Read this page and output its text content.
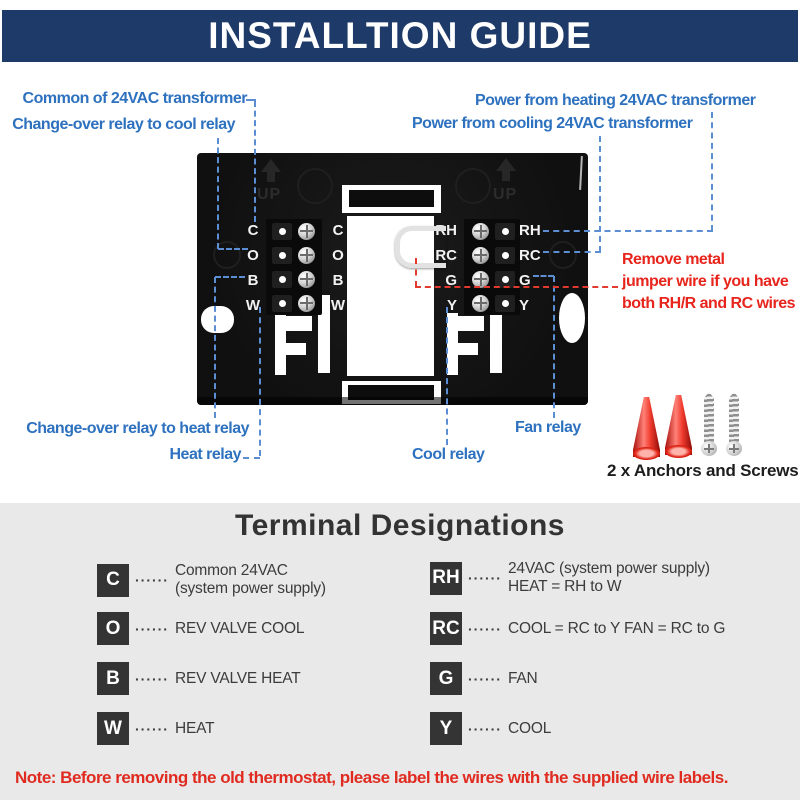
INSTALLTION GUIDE
Common of 24VAC transformer
Change-over relay to cool relay
Power from heating 24VAC transformer
Power from cooling 24VAC transformer
UP	UP
C
O
B
W
C
O
B
W
RH
RC
G
Y
RH
RC
G
Y
Remove metal
jumper wire if you have
both RH/R and RC wires
Change-over relay to heat relay
Heat relay	Cool relay
Fan relay
2 x Anchors and Screws
Terminal Designations
C	······
Common 24VAC
(system power supply)
O	······ REV VALVE COOL
B	······ REV VALVE HEAT
W ······ HEAT
RH ······
24VAC (system power supply)
HEAT = RH to W
RC ······ COOL = RC to Y FAN = RC to G
G	······ FAN
Y	······ COOL
Note: Before removing the old thermostat, please label the wires with the supplied wire labels.
